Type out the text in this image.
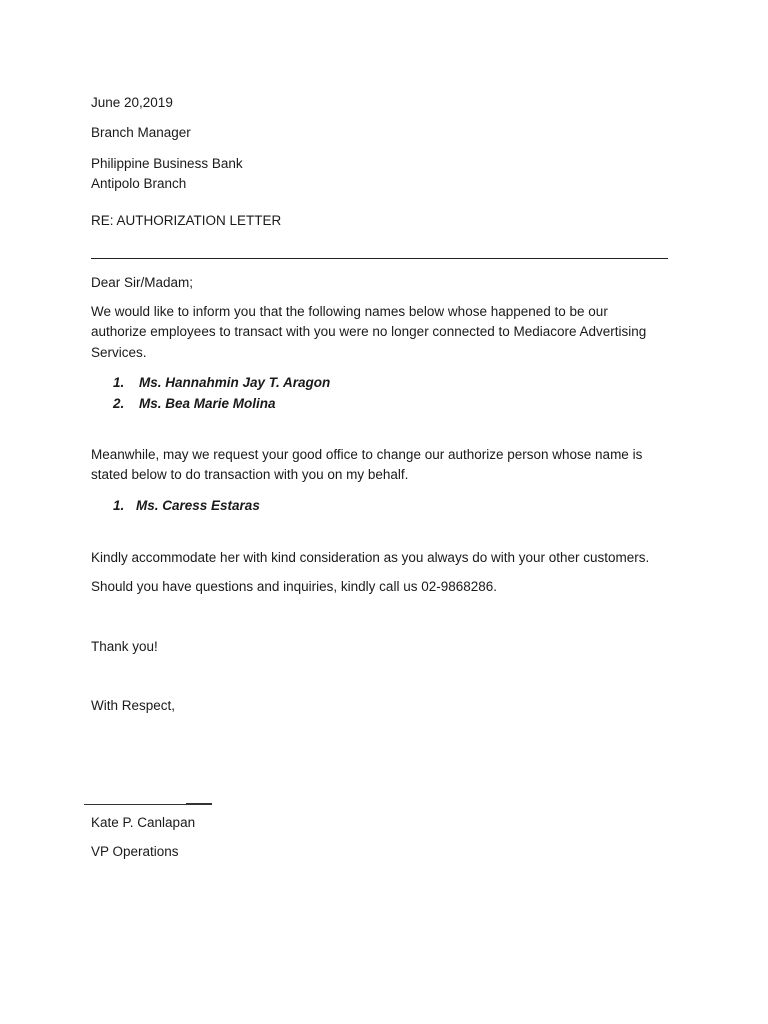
June 20,2019
Branch Manager
Philippine Business Bank
Antipolo Branch
RE: AUTHORIZATION LETTER
Dear Sir/Madam;
We would like to inform you that the following names below whose happened to be our
authorize employees to transact with you were no longer connected to Mediacore Advertising
Services.
1. Ms. Hannahmin Jay T. Aragon
2. Ms. Bea Marie Molina
Meanwhile, may we request your good office to change our authorize person whose name is
stated below to do transaction with you on my behalf.
1. Ms. Caress Estaras
Kindly accommodate her with kind consideration as you always do with your other customers.
Should you have questions and inquiries, kindly call us 02-9868286.
Thank you!
With Respect,
Kate P. Canlapan
VP Operations
